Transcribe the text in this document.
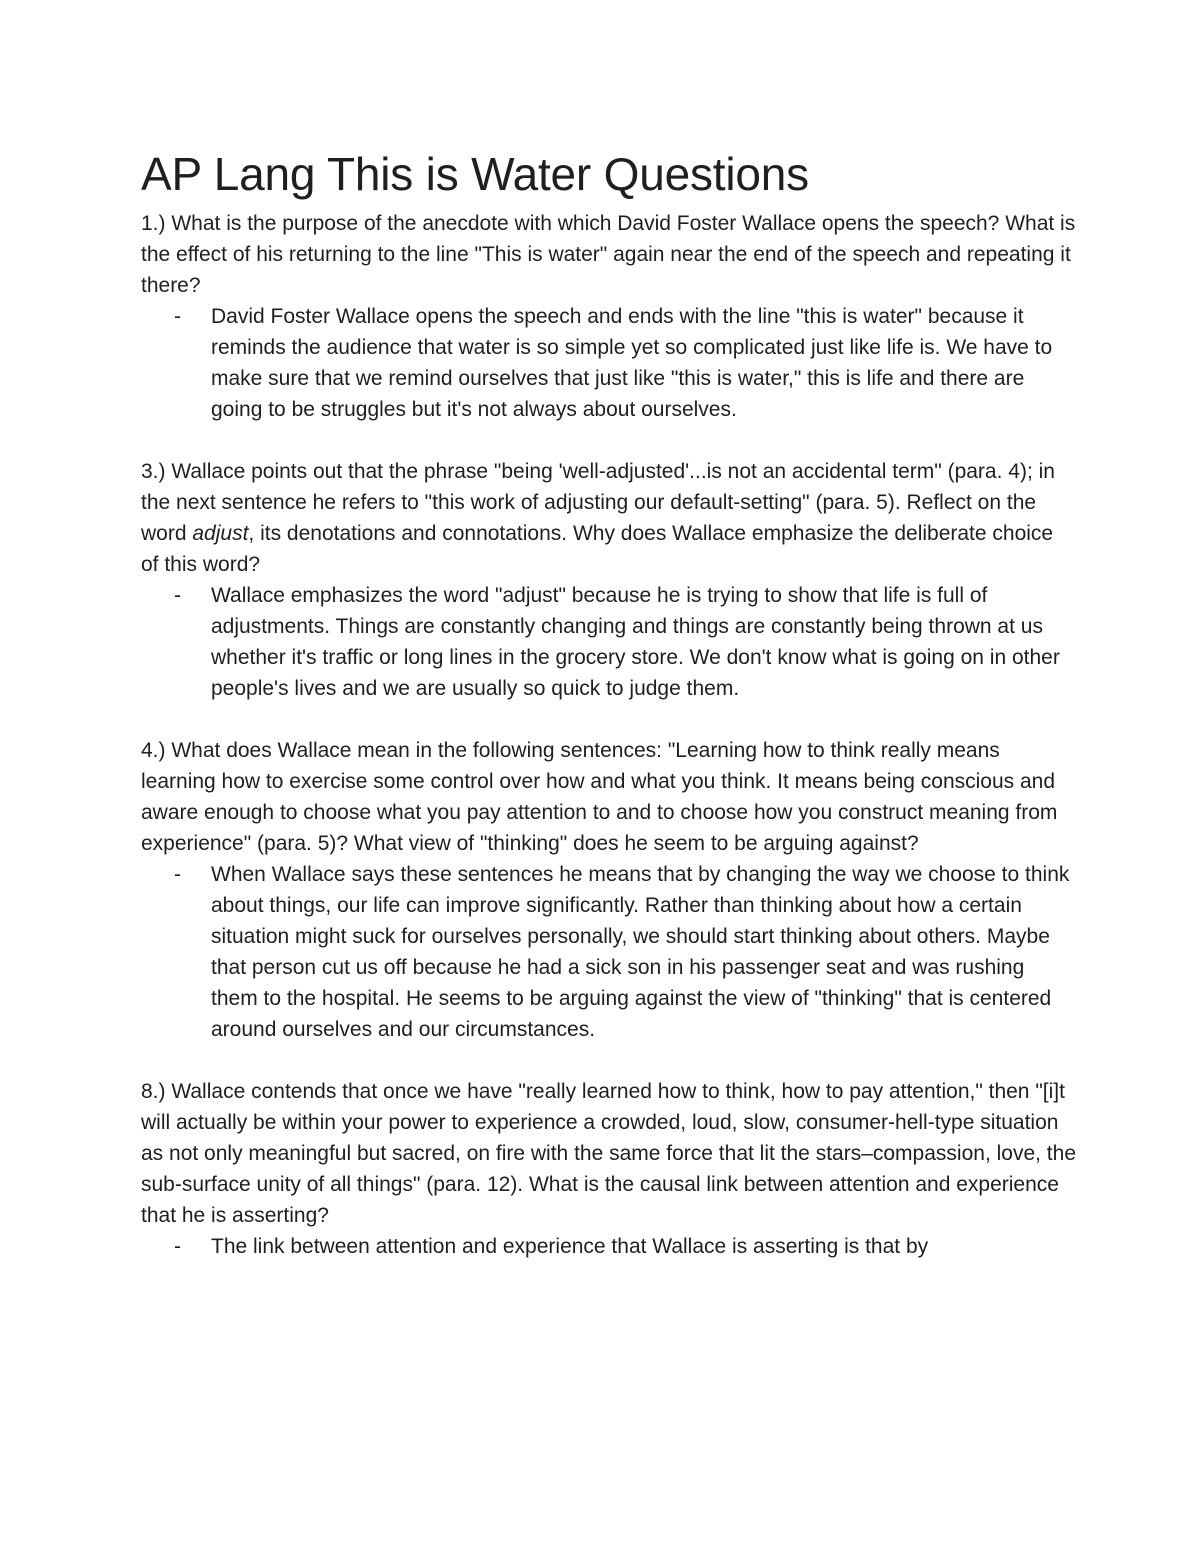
AP Lang This is Water Questions

1.) What is the purpose of the anecdote with which David Foster Wallace opens the speech? What is the effect of his returning to the line "This is water" again near the end of the speech and repeating it there?

- David Foster Wallace opens the speech and ends with the line "this is water" because it reminds the audience that water is so simple yet so complicated just like life is. We have to make sure that we remind ourselves that just like "this is water," this is life and there are going to be struggles but it's not always about ourselves.

3.) Wallace points out that the phrase "being 'well-adjusted'...is not an accidental term" (para. 4); in the next sentence he refers to "this work of adjusting our default-setting" (para. 5). Reflect on the word adjust, its denotations and connotations. Why does Wallace emphasize the deliberate choice of this word?

- Wallace emphasizes the word "adjust" because he is trying to show that life is full of adjustments. Things are constantly changing and things are constantly being thrown at us whether it's traffic or long lines in the grocery store. We don't know what is going on in other people's lives and we are usually so quick to judge them.

4.) What does Wallace mean in the following sentences: "Learning how to think really means learning how to exercise some control over how and what you think. It means being conscious and aware enough to choose what you pay attention to and to choose how you construct meaning from experience" (para. 5)? What view of "thinking" does he seem to be arguing against?

- When Wallace says these sentences he means that by changing the way we choose to think about things, our life can improve significantly. Rather than thinking about how a certain situation might suck for ourselves personally, we should start thinking about others. Maybe that person cut us off because he had a sick son in his passenger seat and was rushing them to the hospital. He seems to be arguing against the view of "thinking" that is centered around ourselves and our circumstances.

8.) Wallace contends that once we have "really learned how to think, how to pay attention," then "[i]t will actually be within your power to experience a crowded, loud, slow, consumer-hell-type situation as not only meaningful but sacred, on fire with the same force that lit the stars–compassion, love, the sub-surface unity of all things" (para. 12). What is the causal link between attention and experience that he is asserting?

- The link between attention and experience that Wallace is asserting is that by
